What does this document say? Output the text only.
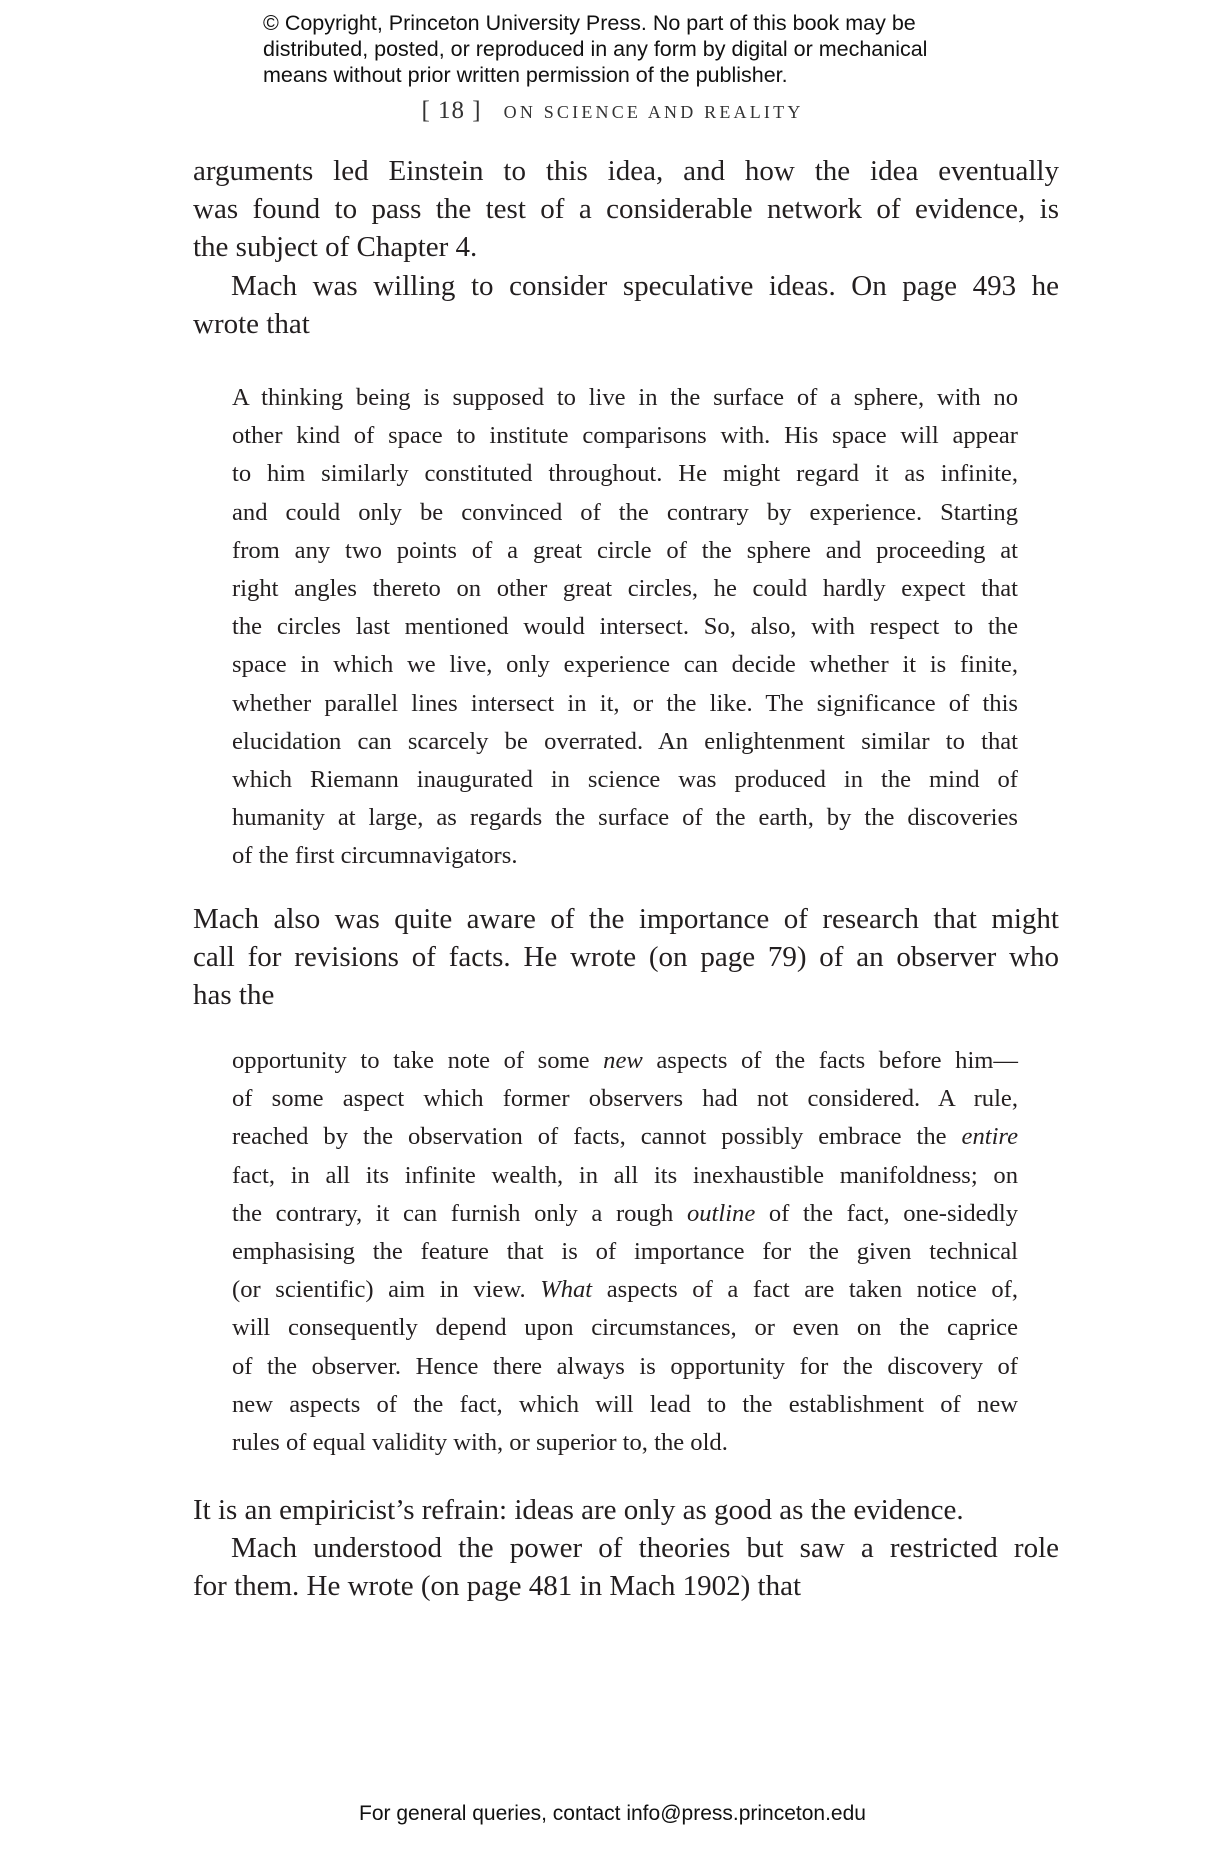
© Copyright, Princeton University Press. No part of this book may be
distributed, posted, or reproduced in any form by digital or mechanical
means without prior written permission of the publisher.
[ 18 ] ON SCIENCE AND REALITY
arguments led Einstein to this idea, and how the idea eventually
was found to pass the test of a considerable network of evidence, is
the subject of Chapter 4.
Mach was willing to consider speculative ideas. On page 493 he
wrote that
A thinking being is supposed to live in the surface of a sphere, with no
other kind of space to institute comparisons with. His space will appear
to him similarly constituted throughout. He might regard it as infinite,
and could only be convinced of the contrary by experience. Starting
from any two points of a great circle of the sphere and proceeding at
right angles thereto on other great circles, he could hardly expect that
the circles last mentioned would intersect. So, also, with respect to the
space in which we live, only experience can decide whether it is finite,
whether parallel lines intersect in it, or the like. The significance of this
elucidation can scarcely be overrated. An enlightenment similar to that
which Riemann inaugurated in science was produced in the mind of
humanity at large, as regards the surface of the earth, by the discoveries
of the first circumnavigators.
Mach also was quite aware of the importance of research that might
call for revisions of facts. He wrote (on page 79) of an observer who
has the
opportunity to take note of some new aspects of the facts before him—
of some aspect which former observers had not considered. A rule,
reached by the observation of facts, cannot possibly embrace the entire
fact, in all its infinite wealth, in all its inexhaustible manifoldness; on
the contrary, it can furnish only a rough outline of the fact, one-sidedly
emphasising the feature that is of importance for the given technical
(or scientific) aim in view. What aspects of a fact are taken notice of,
will consequently depend upon circumstances, or even on the caprice
of the observer. Hence there always is opportunity for the discovery of
new aspects of the fact, which will lead to the establishment of new
rules of equal validity with, or superior to, the old.
It is an empiricist’s refrain: ideas are only as good as the evidence.
Mach understood the power of theories but saw a restricted role
for them. He wrote (on page 481 in Mach 1902) that
For general queries, contact info@press.princeton.edu
